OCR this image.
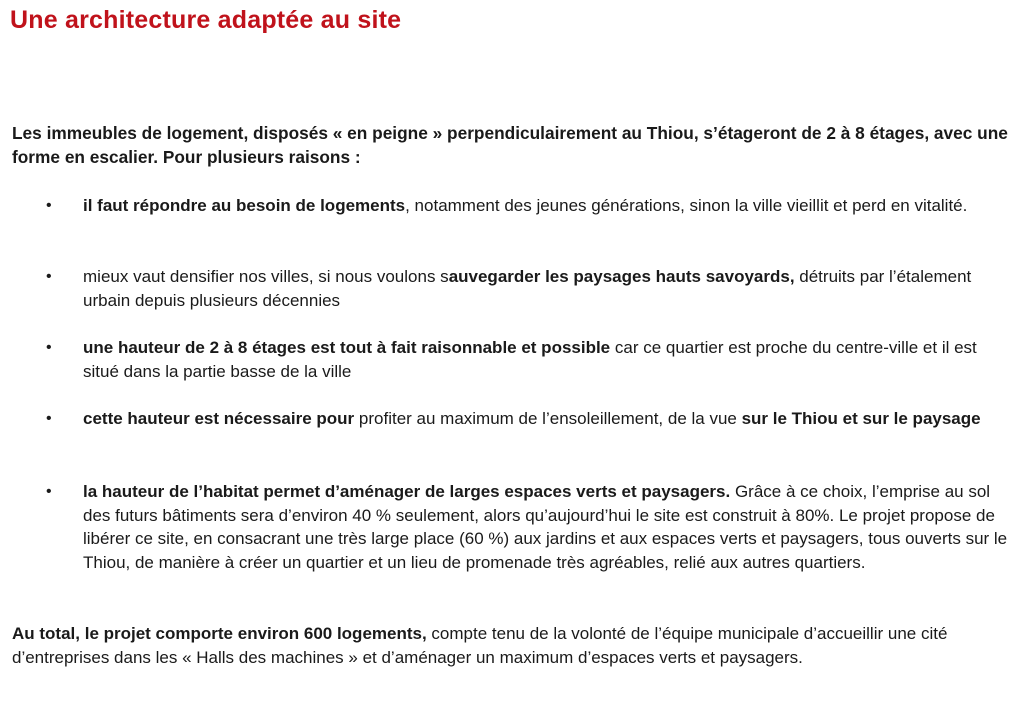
Une architecture adaptée au site

Les immeubles de logement, disposés « en peigne » perpendiculairement au Thiou, s’étageront de 2 à 8 étages, avec une forme en escalier. Pour plusieurs raisons :

• il faut répondre au besoin de logements, notamment des jeunes générations, sinon la ville vieillit et perd en vitalité.

• mieux vaut densifier nos villes, si nous voulons sauvegarder les paysages hauts savoyards, détruits par l’étalement urbain depuis plusieurs décennies

• une hauteur de 2 à 8 étages est tout à fait raisonnable et possible car ce quartier est proche du centre-ville et il est situé dans la partie basse de la ville

• cette hauteur est nécessaire pour profiter au maximum de l’ensoleillement, de la vue sur le Thiou et sur le paysage

• la hauteur de l’habitat permet d’aménager de larges espaces verts et paysagers. Grâce à ce choix, l’emprise au sol des futurs bâtiments sera d’environ 40 % seulement, alors qu’aujourd’hui le site est construit à 80%. Le projet propose de libérer ce site, en consacrant une très large place (60 %) aux jardins et aux espaces verts et paysagers, tous ouverts sur le Thiou, de manière à créer un quartier et un lieu de promenade très agréables, relié aux autres quartiers.

Au total, le projet comporte environ 600 logements, compte tenu de la volonté de l’équipe municipale d’accueillir une cité d’entreprises dans les « Halls des machines » et d’aménager un maximum d’espaces verts et paysagers.
